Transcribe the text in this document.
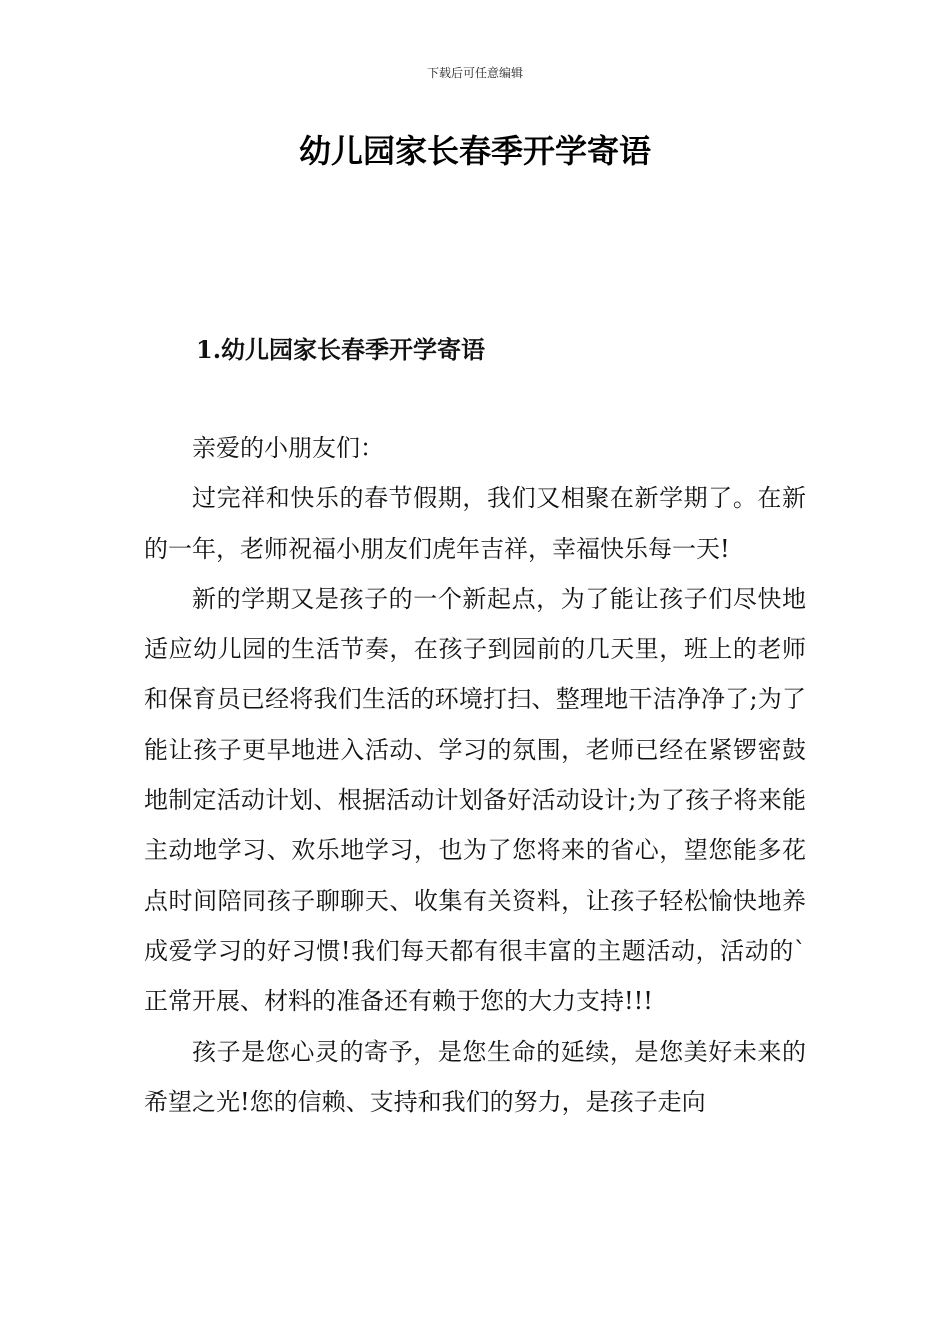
下载后可任意编辑
幼儿园家长春季开学寄语
1.幼儿园家长春季开学寄语

亲爱的小朋友们：

过完祥和快乐的春节假期，我们又相聚在新学期了。在新的一年，老师祝福小朋友们虎年吉祥，幸福快乐每一天!

新的学期又是孩子的一个新起点，为了能让孩子们尽快地适应幼儿园的生活节奏，在孩子到园前的几天里，班上的老师和保育员已经将我们生活的环境打扫、整理地干洁净净了;为了能让孩子更早地进入活动、学习的氛围，老师已经在紧锣密鼓地制定活动计划、根据活动计划备好活动设计;为了孩子将来能主动地学习、欢乐地学习，也为了您将来的省心，望您能多花点时间陪同孩子聊聊天、收集有关资料，让孩子轻松愉快地养成爱学习的好习惯!我们每天都有很丰富的主题活动，活动的`正常开展、材料的准备还有赖于您的大力支持!!!

孩子是您心灵的寄予，是您生命的延续，是您美好未来的希望之光!您的信赖、支持和我们的努力，是孩子走向
